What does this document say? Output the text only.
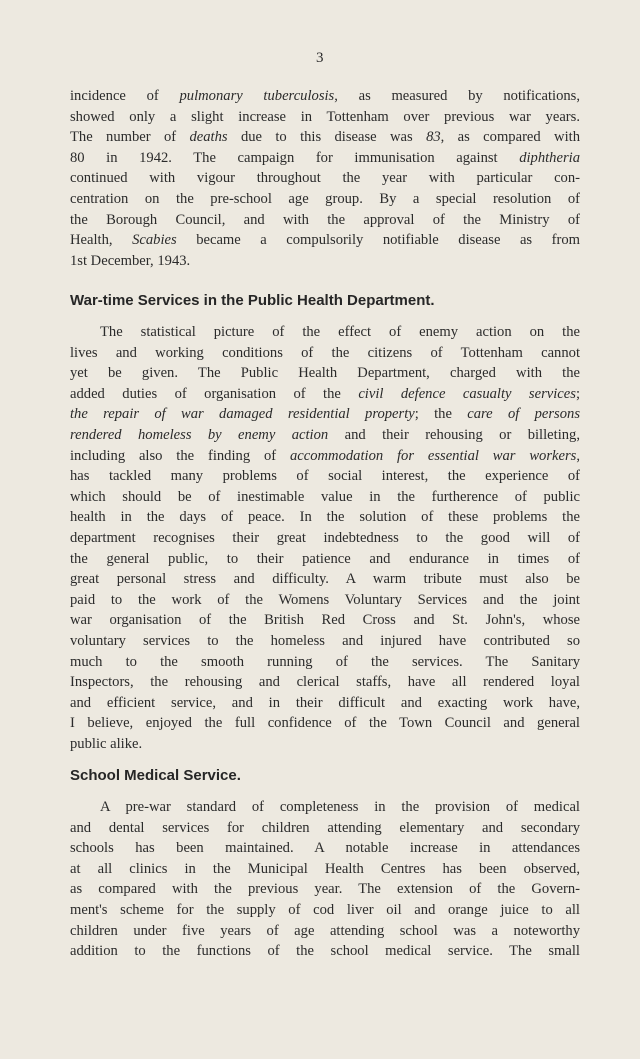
3
incidence of pulmonary tuberculosis, as measured by notifications,
showed only a slight increase in Tottenham over previous war years.
The number of deaths due to this disease was 83, as compared with
80 in 1942. The campaign for immunisation against diphtheria
continued with vigour throughout the year with particular con-
centration on the pre-school age group. By a special resolution of
the Borough Council, and with the approval of the Ministry of
Health, Scabies became a compulsorily notifiable disease as from
1st December, 1943.
War-time Services in the Public Health Department.
The statistical picture of the effect of enemy action on the
lives and working conditions of the citizens of Tottenham cannot
yet be given. The Public Health Department, charged with the
added duties of organisation of the civil defence casualty services;
the repair of war damaged residential property; the care of persons
rendered homeless by enemy action and their rehousing or billeting,
including also the finding of accommodation for essential war workers,
has tackled many problems of social interest, the experience of
which should be of inestimable value in the furtherence of public
health in the days of peace. In the solution of these problems the
department recognises their great indebtedness to the good will of
the general public, to their patience and endurance in times of
great personal stress and difficulty. A warm tribute must also be
paid to the work of the Womens Voluntary Services and the joint
war organisation of the British Red Cross and St. John's, whose
voluntary services to the homeless and injured have contributed so
much to the smooth running of the services. The Sanitary
Inspectors, the rehousing and clerical staffs, have all rendered loyal
and efficient service, and in their difficult and exacting work have,
I believe, enjoyed the full confidence of the Town Council and general
public alike.
School Medical Service.
A pre-war standard of completeness in the provision of medical
and dental services for children attending elementary and secondary
schools has been maintained. A notable increase in attendances
at all clinics in the Municipal Health Centres has been observed,
as compared with the previous year. The extension of the Govern-
ment's scheme for the supply of cod liver oil and orange juice to all
children under five years of age attending school was a noteworthy
addition to the functions of the school medical service. The small
